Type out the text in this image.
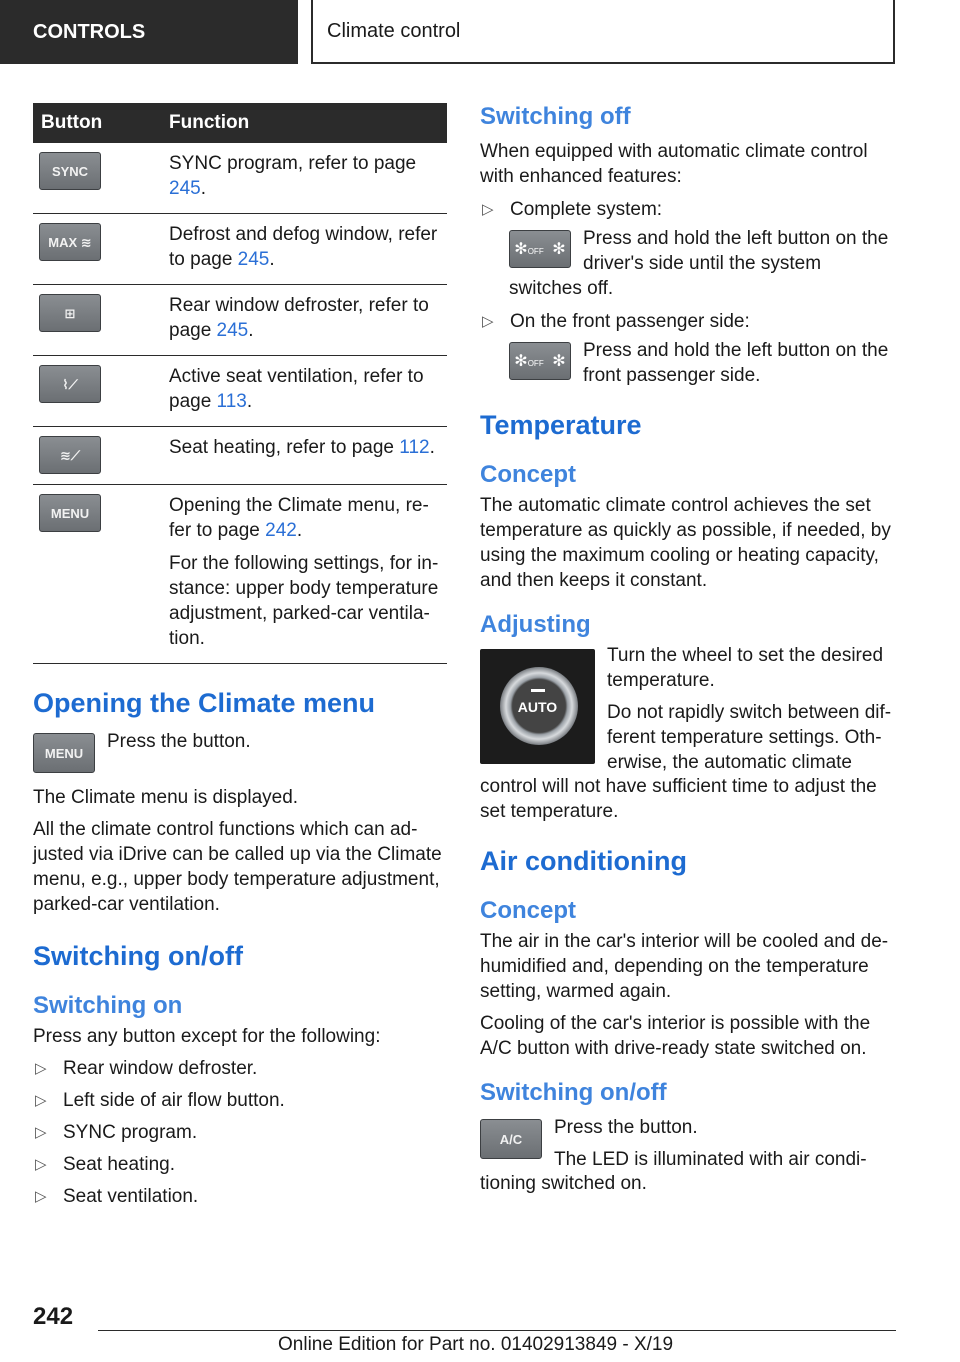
CONTROLS	Climate control
Button	Function

SYNC	SYNC program, refer to page 245.

MAX ≋	Defrost and defog window, refer to page 245.

⊞	Rear window defroster, refer to page 245.

⌇⟋	Active seat ventilation, refer to page 113.

≋⟋	Seat heating, refer to page 112.

MENU	Opening the Climate menu, re-fer to page 242.

For the following settings, for in-stance: upper body temperature adjustment, parked-car ventila-tion.

Opening the Climate menu
MENU

Press the button.

The Climate menu is displayed.

All the climate control functions which can ad-justed via iDrive can be called up via the Climate menu, e.g., upper body temperature adjustment, parked-car ventilation.

Switching on/off
Switching on

Press any button except for the following:

▷ Rear window defroster.
▷ Left side of air flow button.
▷ SYNC program.
▷ Seat heating.
▷ Seat ventilation.
Switching off

When equipped with automatic climate control with enhanced features:

▷ Complete system:
✻OFF ✻

Press and hold the left button on the driver's side until the system

switches off.

▷ On the front passenger side:
✻OFF ✻

Press and hold the left button on the front passenger side.

Temperature
Concept

The automatic climate control achieves the set temperature as quickly as possible, if needed, by using the maximum cooling or heating capacity, and then keeps it constant.

Adjusting
AUTO

Turn the wheel to set the desired temperature.

Do not rapidly switch between dif-ferent temperature settings. Oth-erwise, the automatic climate

control will not have sufficient time to adjust the set temperature.

Air conditioning
Concept

The air in the car's interior will be cooled and de-humidified and, depending on the temperature setting, warmed again.

Cooling of the car's interior is possible with the A/C button with drive-ready state switched on.

Switching on/off
A/C

Press the button.

The LED is illuminated with air condi-

tioning switched on.

242
Online Edition for Part no. 01402913849 - X/19
